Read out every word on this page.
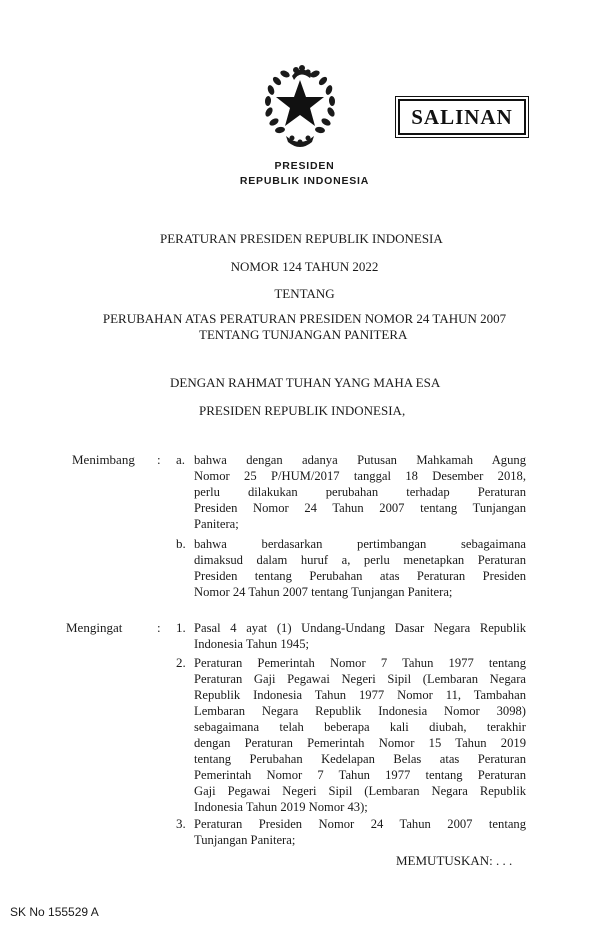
SALINAN
PRESIDEN
REPUBLIK INDONESIA
PERATURAN PRESIDEN REPUBLIK INDONESIA
NOMOR 124 TAHUN 2022
TENTANG
PERUBAHAN ATAS PERATURAN PRESIDEN NOMOR 24 TAHUN 2007
TENTANG TUNJANGAN PANITERA
DENGAN RAHMAT TUHAN YANG MAHA ESA
PRESIDEN REPUBLIK INDONESIA,
Menimbang : a. bahwa dengan adanya Putusan Mahkamah Agung
Nomor 25 P/HUM/2017 tanggal 18 Desember 2018,
perlu dilakukan perubahan terhadap Peraturan
Presiden Nomor 24 Tahun 2007 tentang Tunjangan
Panitera;
b. bahwa berdasarkan pertimbangan sebagaimana
dimaksud dalam huruf a, perlu menetapkan Peraturan
Presiden tentang Perubahan atas Peraturan Presiden
Nomor 24 Tahun 2007 tentang Tunjangan Panitera;
Mengingat	: 1. Pasal 4 ayat (1) Undang-Undang Dasar Negara Republik
Indonesia Tahun 1945;
2. Peraturan Pemerintah Nomor 7 Tahun 1977 tentang
Peraturan Gaji Pegawai Negeri Sipil (Lembaran Negara
Republik Indonesia Tahun 1977 Nomor 11, Tambahan
Lembaran Negara Republik Indonesia Nomor 3098)
sebagaimana telah beberapa kali diubah, terakhir
dengan Peraturan Pemerintah Nomor 15 Tahun 2019
tentang Perubahan Kedelapan Belas atas Peraturan
Pemerintah Nomor 7 Tahun 1977 tentang Peraturan
Gaji Pegawai Negeri Sipil (Lembaran Negara Republik
Indonesia Tahun 2019 Nomor 43);
3. Peraturan Presiden Nomor 24 Tahun 2007 tentang
Tunjangan Panitera;
MEMUTUSKAN: . . .
SK No 155529 A
